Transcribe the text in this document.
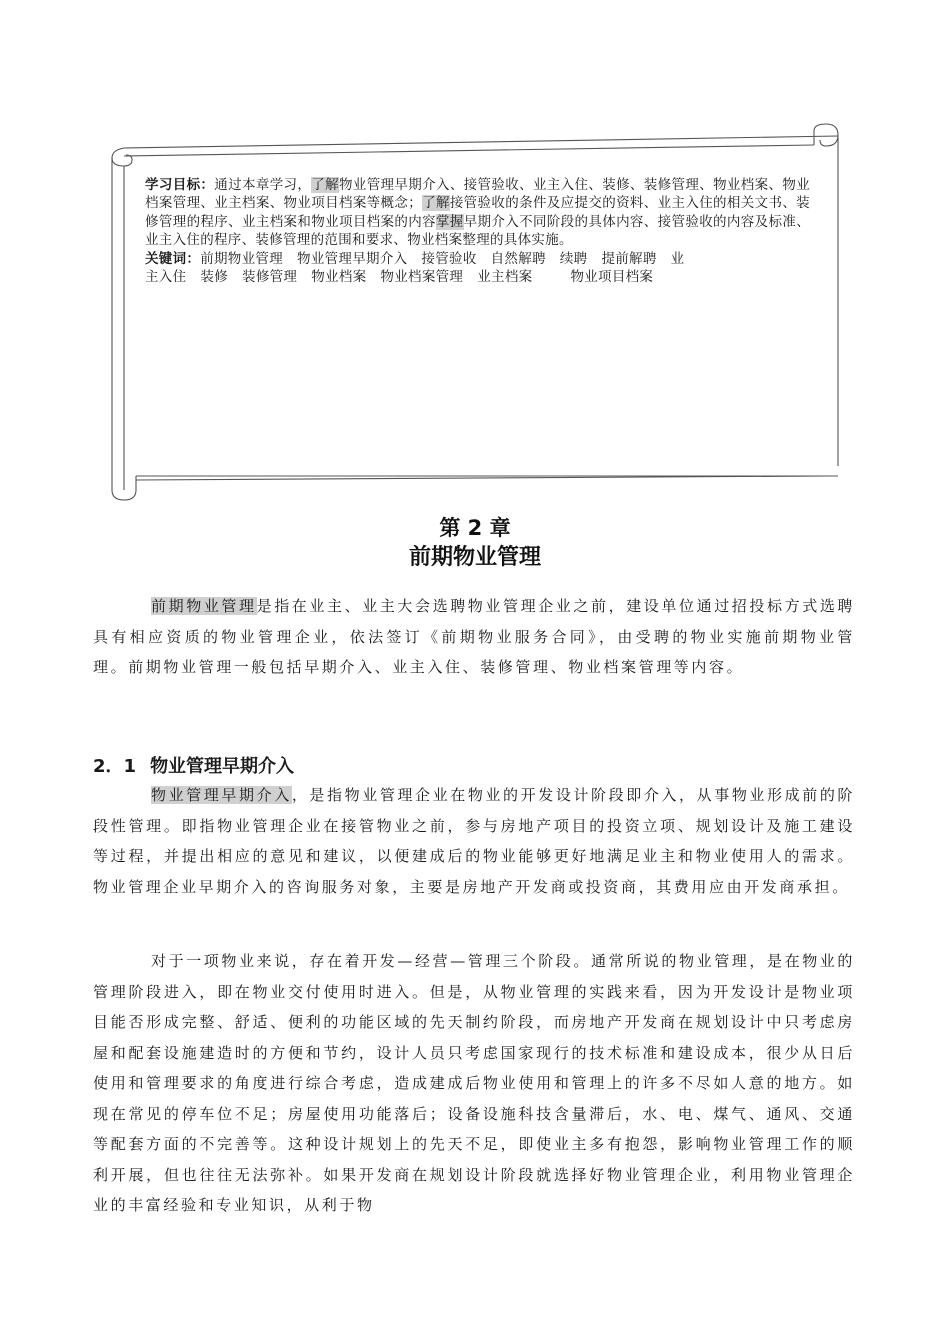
学习目标：通过本章学习，了解物业管理早期介入、接管验收、业主入住、装修、装修管理、物业档案、物业档案管理、业主档案、物业项目档案等概念；了解接管验收的条件及应提交的资料、业主入住的相关文书、装修管理的程序、业主档案和物业项目档案的内容掌握早期介入不同阶段的具体内容、接管验收的内容及标准、业主入住的程序、装修管理的范围和要求、物业档案整理的具体实施。
关键词：前期物业管理 物业管理早期介入 接管验收 自然解聘 续聘 提前解聘 业
主入住 装修 装修管理 物业档案 物业档案管理 业主档案	物业项目档案
第 2 章
前期物业管理

前期物业管理是指在业主、业主大会选聘物业管理企业之前，建设单位通过招投标方式选聘具有相应资质的物业管理企业，依法签订《前期物业服务合同》，由受聘的物业实施前期物业管理。前期物业管理一般包括早期介入、业主入住、装修管理、物业档案管理等内容。

2．1 物业管理早期介入

物业管理早期介入，是指物业管理企业在物业的开发设计阶段即介入，从事物业形成前的阶段性管理。即指物业管理企业在接管物业之前，参与房地产项目的投资立项、规划设计及施工建设等过程，并提出相应的意见和建议，以便建成后的物业能够更好地满足业主和物业使用人的需求。物业管理企业早期介入的咨询服务对象，主要是房地产开发商或投资商，其费用应由开发商承担。

对于一项物业来说，存在着开发—经营—管理三个阶段。通常所说的物业管理，是在物业的管理阶段进入，即在物业交付使用时进入。但是，从物业管理的实践来看，因为开发设计是物业项目能否形成完整、舒适、便利的功能区域的先天制约阶段，而房地产开发商在规划设计中只考虑房屋和配套设施建造时的方便和节约，设计人员只考虑国家现行的技术标准和建设成本，很少从日后使用和管理要求的角度进行综合考虑，造成建成后物业使用和管理上的许多不尽如人意的地方。如现在常见的停车位不足；房屋使用功能落后；设备设施科技含量滞后，水、电、煤气、通风、交通等配套方面的不完善等。这种设计规划上的先天不足，即使业主多有抱怨，影响物业管理工作的顺利开展，但也往往无法弥补。如果开发商在规划设计阶段就选择好物业管理企业，利用物业管理企业的丰富经验和专业知识，从利于物
